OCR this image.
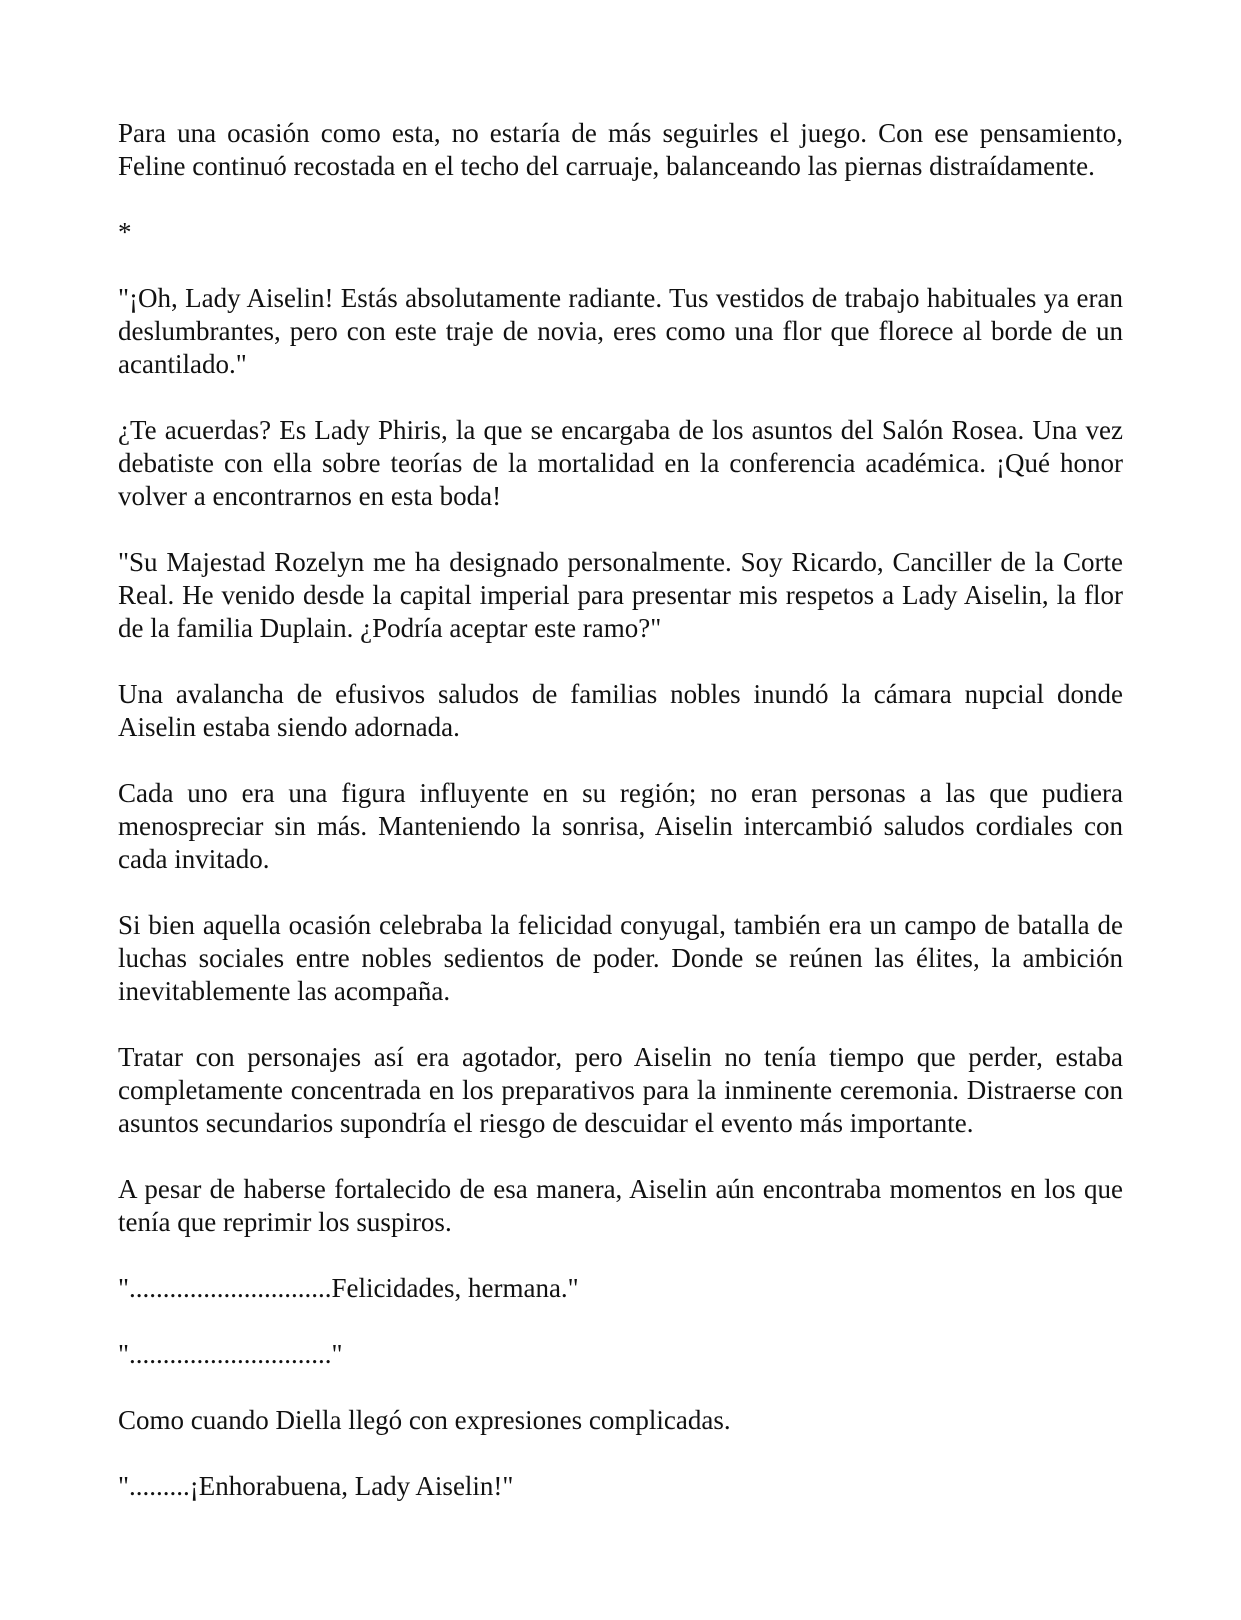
Para una ocasión como esta, no estaría de más seguirles el juego. Con ese pensamiento, Feline continuó recostada en el techo del carruaje, balanceando las piernas distraídamente.

*

"¡Oh, Lady Aiselin! Estás absolutamente radiante. Tus vestidos de trabajo habituales ya eran deslumbrantes, pero con este traje de novia, eres como una flor que florece al borde de un acantilado."

¿Te acuerdas? Es Lady Phiris, la que se encargaba de los asuntos del Salón Rosea. Una vez debatiste con ella sobre teorías de la mortalidad en la conferencia académica. ¡Qué honor volver a encontrarnos en esta boda!

"Su Majestad Rozelyn me ha designado personalmente. Soy Ricardo, Canciller de la Corte Real. He venido desde la capital imperial para presentar mis respetos a Lady Aiselin, la flor de la familia Duplain. ¿Podría aceptar este ramo?"

Una avalancha de efusivos saludos de familias nobles inundó la cámara nupcial donde Aiselin estaba siendo adornada.

Cada uno era una figura influyente en su región; no eran personas a las que pudiera menospreciar sin más. Manteniendo la sonrisa, Aiselin intercambió saludos cordiales con cada invitado.

Si bien aquella ocasión celebraba la felicidad conyugal, también era un campo de batalla de luchas sociales entre nobles sedientos de poder. Donde se reúnen las élites, la ambición inevitablemente las acompaña.

Tratar con personajes así era agotador, pero Aiselin no tenía tiempo que perder, estaba completamente concentrada en los preparativos para la inminente ceremonia. Distraerse con asuntos secundarios supondría el riesgo de descuidar el evento más importante.

A pesar de haberse fortalecido de esa manera, Aiselin aún encontraba momentos en los que tenía que reprimir los suspiros.

"..............................Felicidades, hermana."

".............................."

Como cuando Diella llegó con expresiones complicadas.

".........¡Enhorabuena, Lady Aiselin!"
